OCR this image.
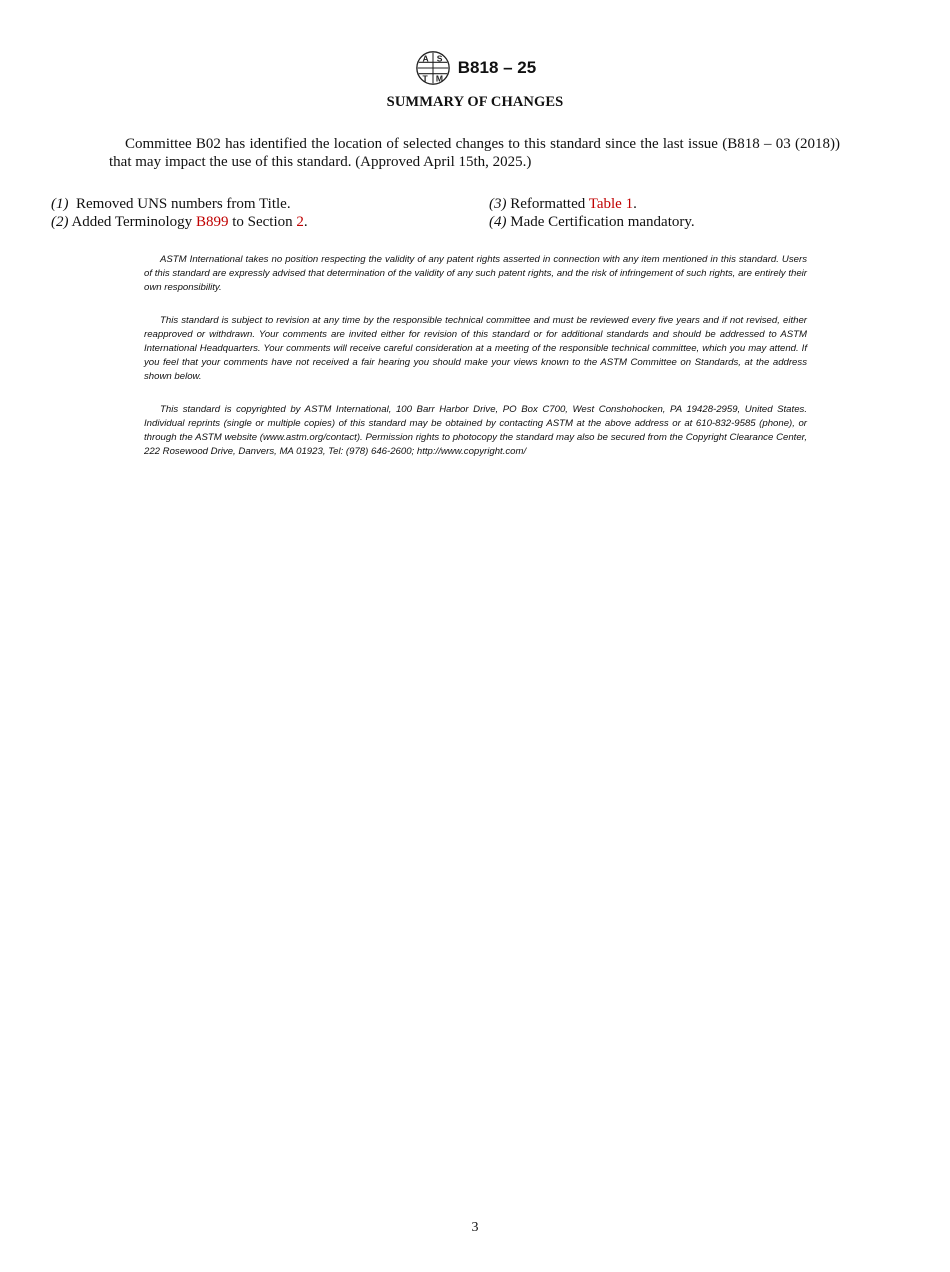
A S
T M
B818 – 25
SUMMARY OF CHANGES

Committee B02 has identified the location of selected changes to this standard since the last issue (B818 – 03 (2018)) that may impact the use of this standard. (Approved April 15th, 2025.)

(1) Removed UNS numbers from Title.
(2) Added Terminology B899 to Section 2.
(3) Reformatted Table 1.
(4) Made Certification mandatory.

ASTM International takes no position respecting the validity of any patent rights asserted in connection with any item mentioned in this standard. Users of this standard are expressly advised that determination of the validity of any such patent rights, and the risk of infringement of such rights, are entirely their own responsibility.

This standard is subject to revision at any time by the responsible technical committee and must be reviewed every five years and if not revised, either reapproved or withdrawn. Your comments are invited either for revision of this standard or for additional standards and should be addressed to ASTM International Headquarters. Your comments will receive careful consideration at a meeting of the responsible technical committee, which you may attend. If you feel that your comments have not received a fair hearing you should make your views known to the ASTM Committee on Standards, at the address shown below.

This standard is copyrighted by ASTM International, 100 Barr Harbor Drive, PO Box C700, West Conshohocken, PA 19428-2959, United States. Individual reprints (single or multiple copies) of this standard may be obtained by contacting ASTM at the above address or at 610-832-9585 (phone), or through the ASTM website (www.astm.org/contact). Permission rights to photocopy the standard may also be secured from the Copyright Clearance Center, 222 Rosewood Drive, Danvers, MA 01923, Tel: (978) 646-2600; http://www.copyright.com/

3
